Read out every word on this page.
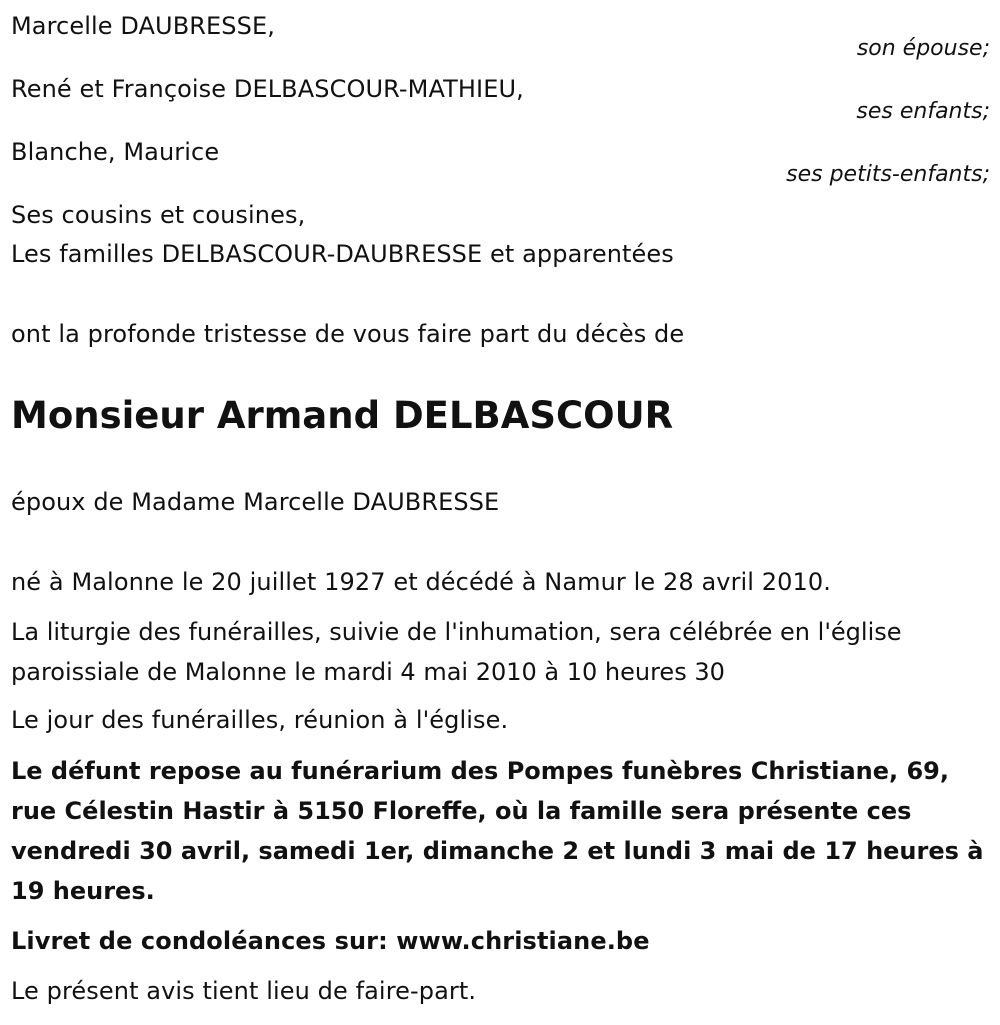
Marcelle DAUBRESSE,
son épouse;
René et Françoise DELBASCOUR-MATHIEU,
ses enfants;
Blanche, Maurice
ses petits-enfants;
Ses cousins et cousines,
Les familles DELBASCOUR-DAUBRESSE et apparentées
ont la profonde tristesse de vous faire part du décès de
Monsieur Armand DELBASCOUR
époux de Madame Marcelle DAUBRESSE
né à Malonne le 20 juillet 1927 et décédé à Namur le 28 avril 2010.
La liturgie des funérailles, suivie de l'inhumation, sera célébrée en l'église paroissiale de Malonne le mardi 4 mai 2010 à 10 heures 30
Le jour des funérailles, réunion à l'église.
Le défunt repose au funérarium des Pompes funèbres Christiane, 69, rue Célestin Hastir à 5150 Floreffe, où la famille sera présente ces vendredi 30 avril, samedi 1er, dimanche 2 et lundi 3 mai de 17 heures à 19 heures.
Livret de condoléances sur: www.christiane.be
Le présent avis tient lieu de faire-part.
